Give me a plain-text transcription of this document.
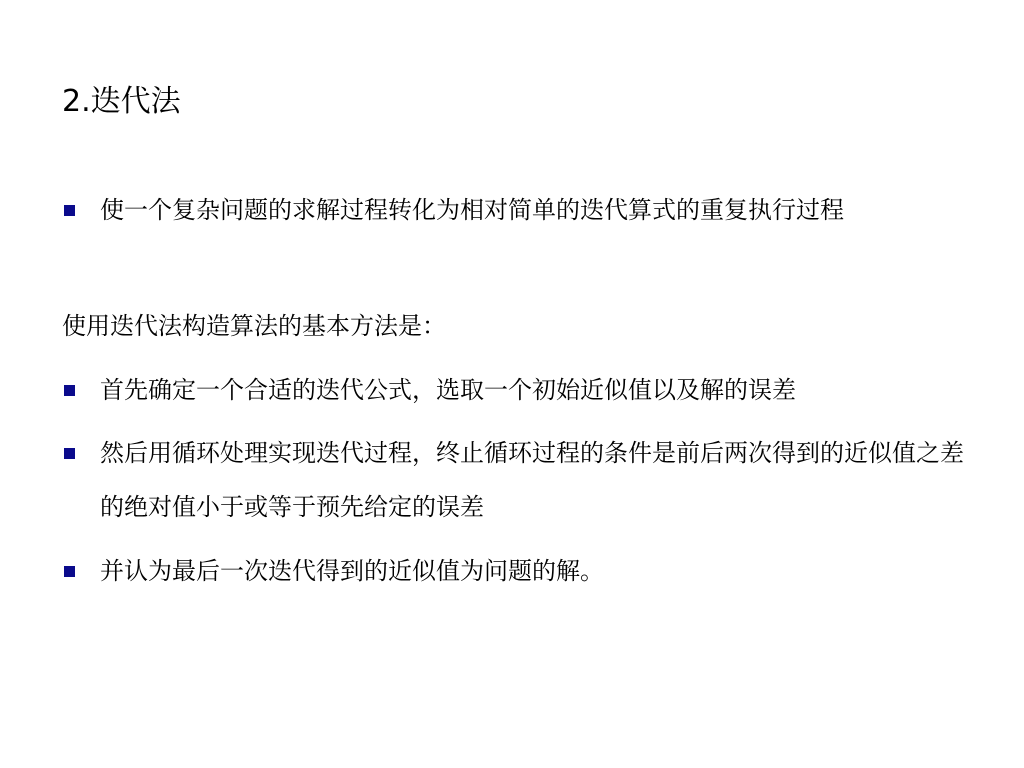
2.迭代法
使一个复杂问题的求解过程转化为相对简单的迭代算式的重复执行过程
使用迭代法构造算法的基本方法是：
首先确定一个合适的迭代公式，选取一个初始近似值以及解的误差
然后用循环处理实现迭代过程，终止循环过程的条件是前后两次得到的近似值之差的绝对值小于或等于预先给定的误差
并认为最后一次迭代得到的近似值为问题的解。
